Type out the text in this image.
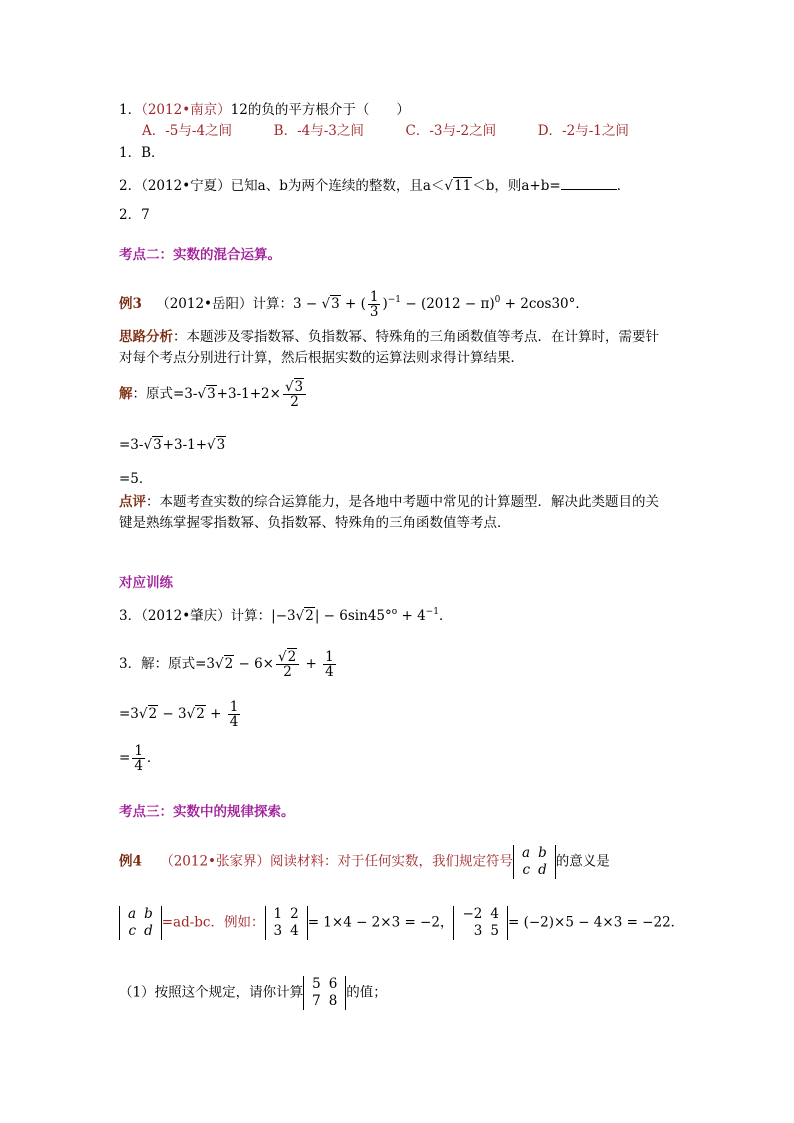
1．（2012•南京）12的负的平方根介于（　　）
A．-5与-4之间	B．-4与-3之间	C．-3与-2之间	D．-2与-1之间
1．B．
2．（2012•宁夏）已知a、b为两个连续的整数，且a＜√11＜b，则a+b=	．
2．7
考点二：实数的混合运算。
例3 （2012•岳阳）计算：3 − √3 + ( $\frac{1}{3} )^{-1} - (2012 - \pi)^0 + 2\cos 30^\circ$．
思路分析：本题涉及零指数幂、负指数幂、特殊角的三角函数值等考点．在计算时，需要针
对每个考点分别进行计算，然后根据实数的运算法则求得计算结果．
解：原式$=3-√3+3-1+2\times \frac{√3}{2}$
=3-√3+3-1+√3
=5．
点评：本题考查实数的综合运算能力，是各地中考题中常见的计算题型．解决此类题目的关
键是熟练掌握零指数幂、负指数幂、特殊角的三角函数值等考点．
对应训练
3．（2012•肇庆）计算：$|-3√2| - 6\sin 45^\circ^o + 4^{-1}$．
3．解：原式$=3√2 - 6\times \frac{√2}{2} + \frac{1}{4}$
$=3√2 - 3√2 + \frac{1}{4}$
= $\frac{1}{4}$ ．
考点三：实数中的规律探索。
例4 （2012•张家界）阅读材料：对于任何实数，我们规定符号
a	b
c	d
的意义是
a	b
c	d
=ad-bc．例如：
1	2
3	4
= 1×4 − 2×3 = −2，
−2	4
3	5
= (−2)×5 − 4×3 = −22．
（1）按照这个规定，请你计算
5	6
7	8
的值；
